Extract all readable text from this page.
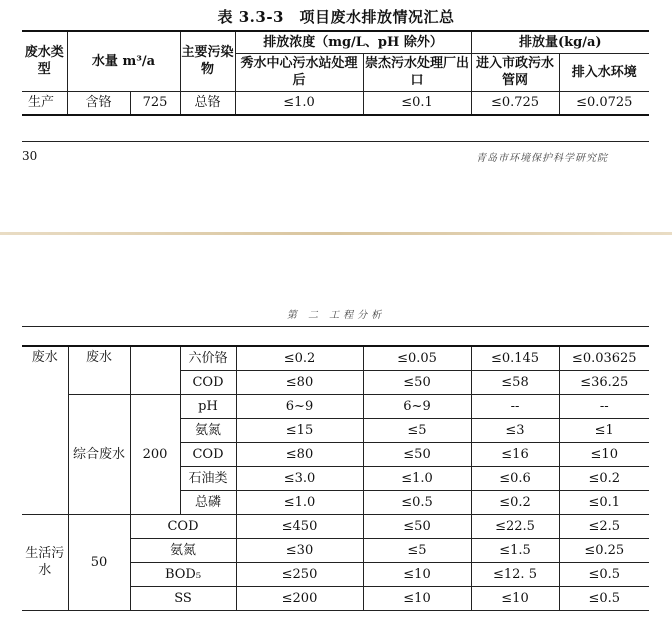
表 3.3-3　项目废水排放情况汇总
废水类型	水量 m³/a		主要污染物	排放浓度（mg/L、pH 除外）		排放量(kg/a)	
				秀水中心污水站处理后	崇杰污水处理厂出口	进入市政污水管网	排入水环境
生产	含铬	725	总铬	≤1.0	≤0.1	≤0.725	≤0.0725
30	青岛市环境保护科学研究院
第 二 工程分析
废水	废水		六价铬	≤0.2	≤0.05	≤0.145	≤0.03625
			COD	≤80	≤50	≤58	≤36.25
	综合废水	200	pH	6~9	6~9	--	--
			氨氮	≤15	≤5	≤3	≤1
			COD	≤80	≤50	≤16	≤10
			石油类	≤3.0	≤1.0	≤0.6	≤0.2
			总磷	≤1.0	≤0.5	≤0.2	≤0.1
生活污水	50	COD		≤450	≤50	≤22.5	≤2.5
		氨氮		≤30	≤5	≤1.5	≤0.25
		BOD₅		≤250	≤10	≤12. 5	≤0.5
		SS		≤200	≤10	≤10	≤0.5
